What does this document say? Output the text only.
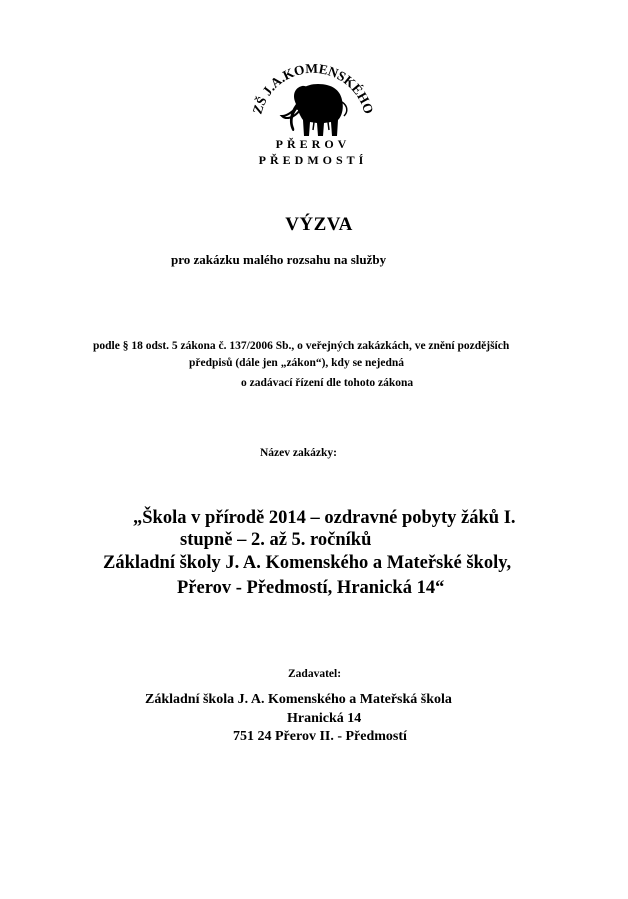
ZŠ J.A.KOMENSKÉHO
PŘEROV
PŘEDMOSTÍ
VÝZVA
pro zakázku malého rozsahu na služby
podle § 18 odst. 5 zákona č. 137/2006 Sb., o veřejných zakázkách, ve znění pozdějších
předpisů (dále jen „zákon“), kdy se nejedná
o zadávací řízení dle tohoto zákona
Název zakázky:
„Škola v přírodě 2014 – ozdravné pobyty žáků I.
stupně – 2. až 5. ročníků
Základní školy J. A. Komenského a Mateřské školy,
Přerov - Předmostí, Hranická 14“
Zadavatel:
Základní škola J. A. Komenského a Mateřská škola
Hranická 14
751 24 Přerov II. - Předmostí
